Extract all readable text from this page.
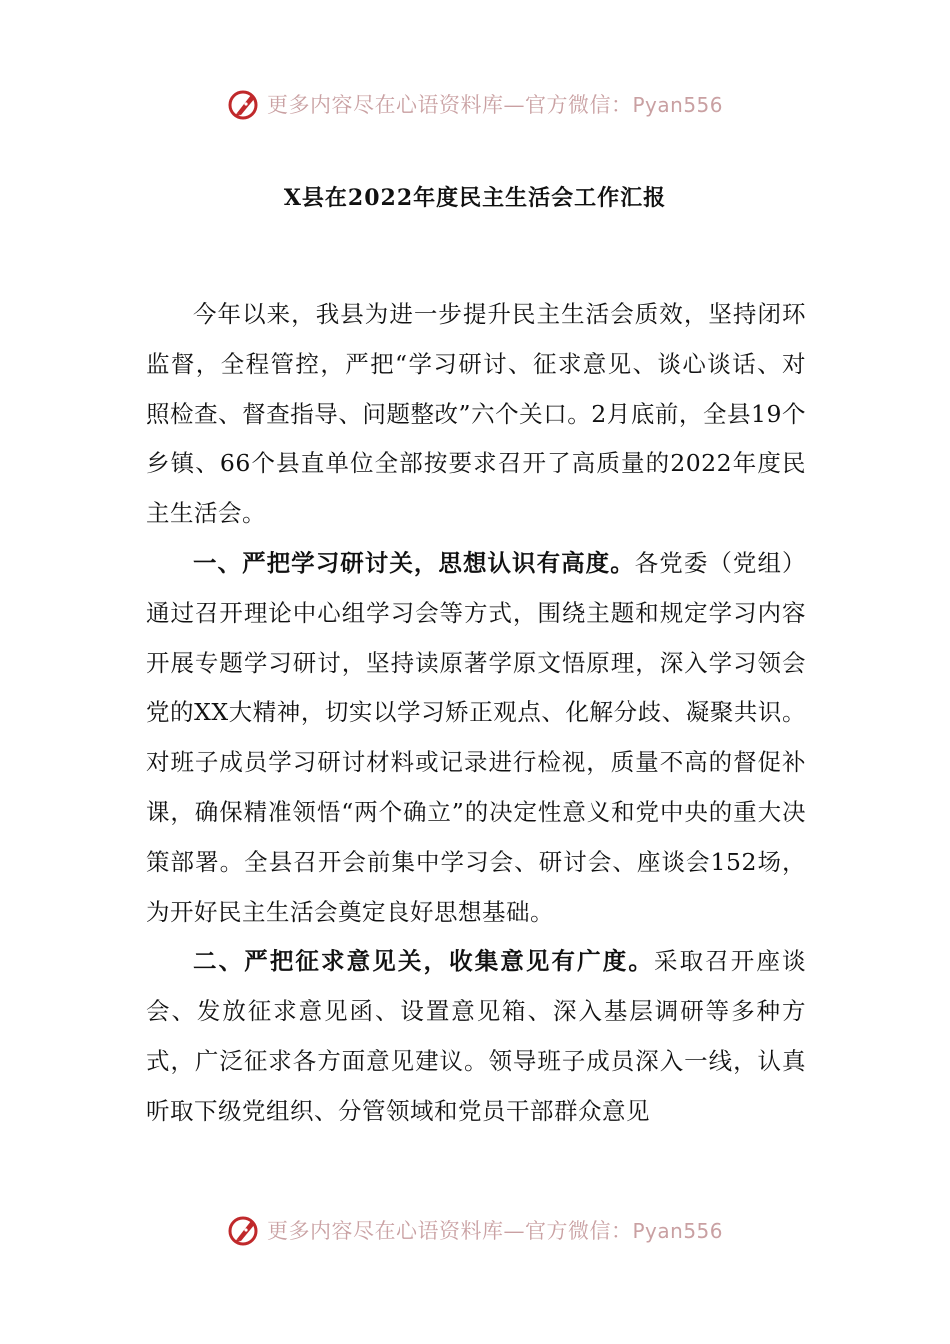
更多内容尽在心语资料库—官方微信：Pyan556
X县在2022年度民主生活会工作汇报

今年以来，我县为进一步提升民主生活会质效，坚持闭环监督，全程管控，严把“学习研讨、征求意见、谈心谈话、对照检查、督查指导、问题整改”六个关口。2月底前，全县19个乡镇、66个县直单位全部按要求召开了高质量的2022年度民主生活会。

一、严把学习研讨关，思想认识有高度。各党委（党组）通过召开理论中心组学习会等方式，围绕主题和规定学习内容开展专题学习研讨，坚持读原著学原文悟原理，深入学习领会党的XX大精神，切实以学习矫正观点、化解分歧、凝聚共识。对班子成员学习研讨材料或记录进行检视，质量不高的督促补课，确保精准领悟“两个确立”的决定性意义和党中央的重大决策部署。全县召开会前集中学习会、研讨会、座谈会152场，为开好民主生活会奠定良好思想基础。

二、严把征求意见关，收集意见有广度。采取召开座谈会、发放征求意见函、设置意见箱、深入基层调研等多种方式，广泛征求各方面意见建议。领导班子成员深入一线，认真听取下级党组织、分管领域和党员干部群众意见

更多内容尽在心语资料库—官方微信：Pyan556
